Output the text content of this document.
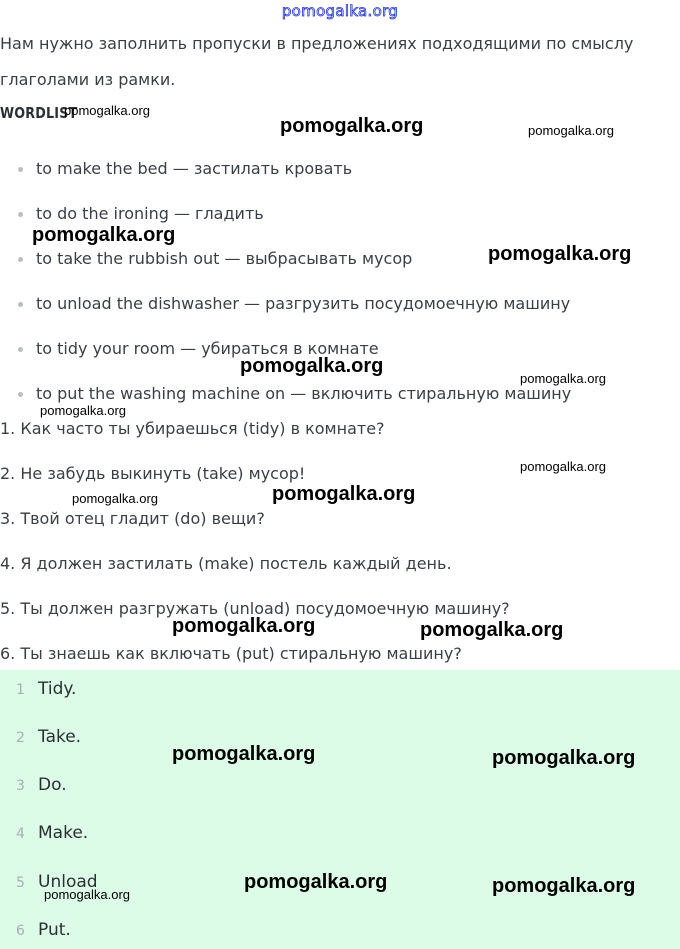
pomogalka.org
Нам нужно заполнить пропуски в предложениях подходящими по смыслу
глаголами из рамки.
WORDLIST
to make the bed — застилать кровать
to do the ironing — гладить
to take the rubbish out — выбрасывать мусор
to unload the dishwasher — разгрузить посудомоечную машину
to tidy your room — убираться в комнате
to put the washing machine on — включить стиральную машину
1. Как часто ты убираешься (tidy) в комнате?
2. Не забудь выкинуть (take) мусор!
3. Твой отец гладит (do) вещи?
4. Я должен застилать (make) постель каждый день.
5. Ты должен разгружать (unload) посудомоечную машину?
6. Ты знаешь как включать (put) стиральную машину?
1 Tidy.
2 Take.
3 Do.
4 Make.
5 Unload
6 Put.
pomogalka.org
pomogalka.org	pomogalka.org
pomogalka.org
pomogalka.org
pomogalka.org
pomogalka.org
pomogalka.org
pomogalka.org
pomogalka.org	pomogalka.org
pomogalka.org	pomogalka.org
pomogalka.org	pomogalka.org
pomogalka.org	pomogalka.org
pomogalka.org
